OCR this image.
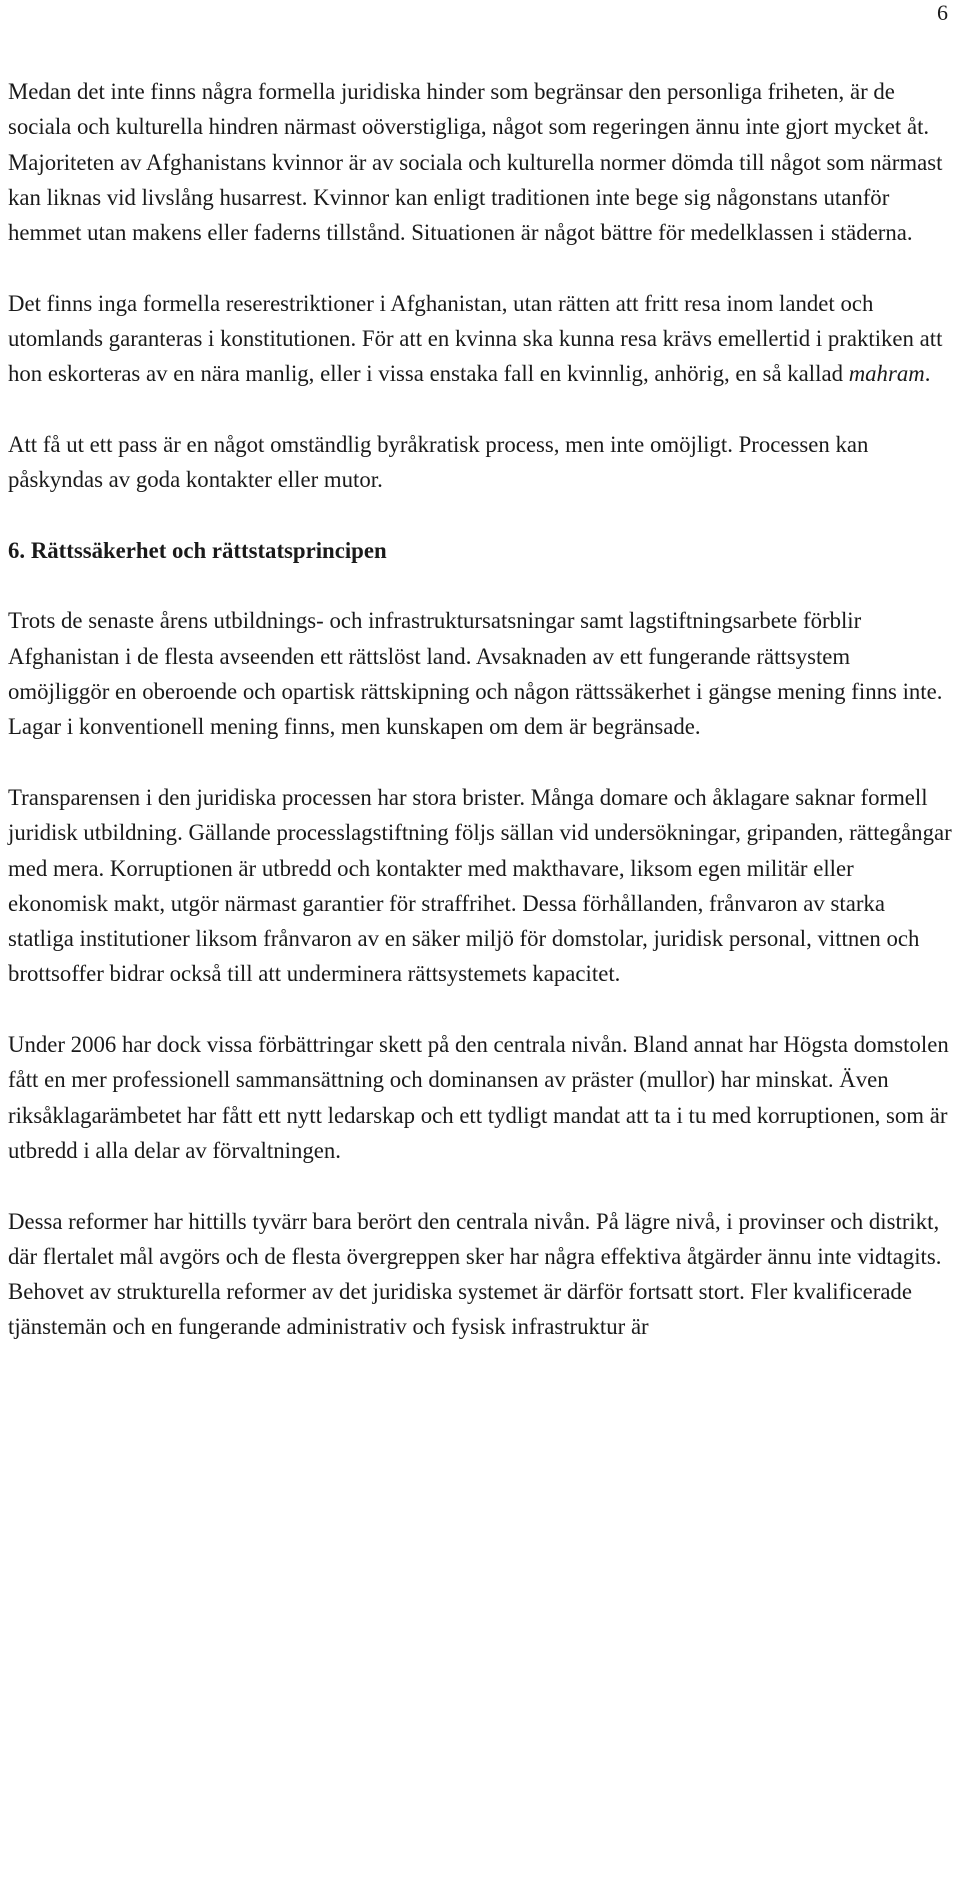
6

Medan det inte finns några formella juridiska hinder som begränsar den personliga friheten, är de sociala och kulturella hindren närmast oöverstigliga, något som regeringen ännu inte gjort mycket åt. Majoriteten av Afghanistans kvinnor är av sociala och kulturella normer dömda till något som närmast kan liknas vid livslång husarrest. Kvinnor kan enligt traditionen inte bege sig någonstans utanför hemmet utan makens eller faderns tillstånd. Situationen är något bättre för medelklassen i städerna.

Det finns inga formella reserestriktioner i Afghanistan, utan rätten att fritt resa inom landet och utomlands garanteras i konstitutionen. För att en kvinna ska kunna resa krävs emellertid i praktiken att hon eskorteras av en nära manlig, eller i vissa enstaka fall en kvinnlig, anhörig, en så kallad mahram.

Att få ut ett pass är en något omständlig byråkratisk process, men inte omöjligt. Processen kan påskyndas av goda kontakter eller mutor.

6. Rättssäkerhet och rättstatsprincipen

Trots de senaste årens utbildnings- och infrastruktursatsningar samt lagstiftningsarbete förblir Afghanistan i de flesta avseenden ett rättslöst land. Avsaknaden av ett fungerande rättsystem omöjliggör en oberoende och opartisk rättskipning och någon rättssäkerhet i gängse mening finns inte. Lagar i konventionell mening finns, men kunskapen om dem är begränsade.

Transparensen i den juridiska processen har stora brister. Många domare och åklagare saknar formell juridisk utbildning. Gällande processlagstiftning följs sällan vid undersökningar, gripanden, rättegångar med mera. Korruptionen är utbredd och kontakter med makthavare, liksom egen militär eller ekonomisk makt, utgör närmast garantier för straffrihet. Dessa förhållanden, frånvaron av starka statliga institutioner liksom frånvaron av en säker miljö för domstolar, juridisk personal, vittnen och brottsoffer bidrar också till att underminera rättsystemets kapacitet.

Under 2006 har dock vissa förbättringar skett på den centrala nivån. Bland annat har Högsta domstolen fått en mer professionell sammansättning och dominansen av präster (mullor) har minskat. Även riksåklagarämbetet har fått ett nytt ledarskap och ett tydligt mandat att ta i tu med korruptionen, som är utbredd i alla delar av förvaltningen.

Dessa reformer har hittills tyvärr bara berört den centrala nivån. På lägre nivå, i provinser och distrikt, där flertalet mål avgörs och de flesta övergreppen sker har några effektiva åtgärder ännu inte vidtagits. Behovet av strukturella reformer av det juridiska systemet är därför fortsatt stort. Fler kvalificerade tjänstemän och en fungerande administrativ och fysisk infrastruktur är
